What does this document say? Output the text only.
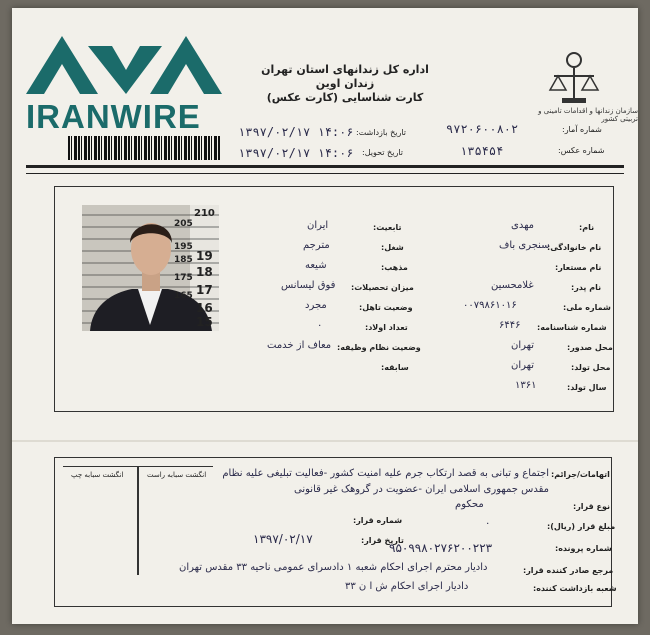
IRANWIRE	سازمان زندانها و اقدامات تامینی و تربیتی کشور
اداره کل زندانهای استان تهران
زندان اوین
کارت شناسایی (کارت عکس)
شماره آمار:
۹۷۲۰۶۰۰۸۰۲
شماره عکس:
۱۳۵۴۵۴
تاریخ بازداشت:
۱۴:۰۶ ۱۳۹۷/۰۲/۱۷
تاریخ تحویل:
۱۴:۰۶ ۱۳۹۷/۰۲/۱۷
210
205
195
19
185
18
175
17
165
16
15
نام:
مهدی
نام خانوادگی:
سنجری باف
نام مستعار:
نام پدر:
غلامحسین
شماره ملی:
۰۰۷۹۸۶۱۰۱۶
شماره شناسنامه:
۶۴۴۶
محل صدور:
تهران
محل تولد:
تهران
سال تولد:
۱۳۶۱
تابعیت:
ایران
شغل:
مترجم
مذهب:
شیعه
میزان تحصیلات:
فوق لیسانس
وضعیت تاهل:
مجرد
تعداد اولاد:
۰
وضعیت نظام وظیفه:
معاف از خدمت
سابقه:
انگشت سبابه راست
انگشت سبابه چپ	اتهامات/جرائم:
اجتماع و تبانی به قصد ارتکاب جرم علیه امنیت کشور -فعالیت تبلیغی علیه نظام
مقدس جمهوری اسلامی ایران -عضویت در گروهک غیر قانونی
محکوم	نوع قرار:
شماره قرار:
مبلغ قرار (ریال):
۰
تاریخ قرار:
۱۳۹۷/۰۲/۱۷
شماره پرونده:
۹۵۰۹۹۸۰۲۷۶۲۰۰۲۲۳
مرجع صادر کننده قرار:
دادیار محترم اجرای احکام شعبه ۱ دادسرای عمومی ناحیه ۳۳ مقدس تهران
شعبه بازداشت کننده:
دادیار اجرای احکام ش ا ن ۳۳
